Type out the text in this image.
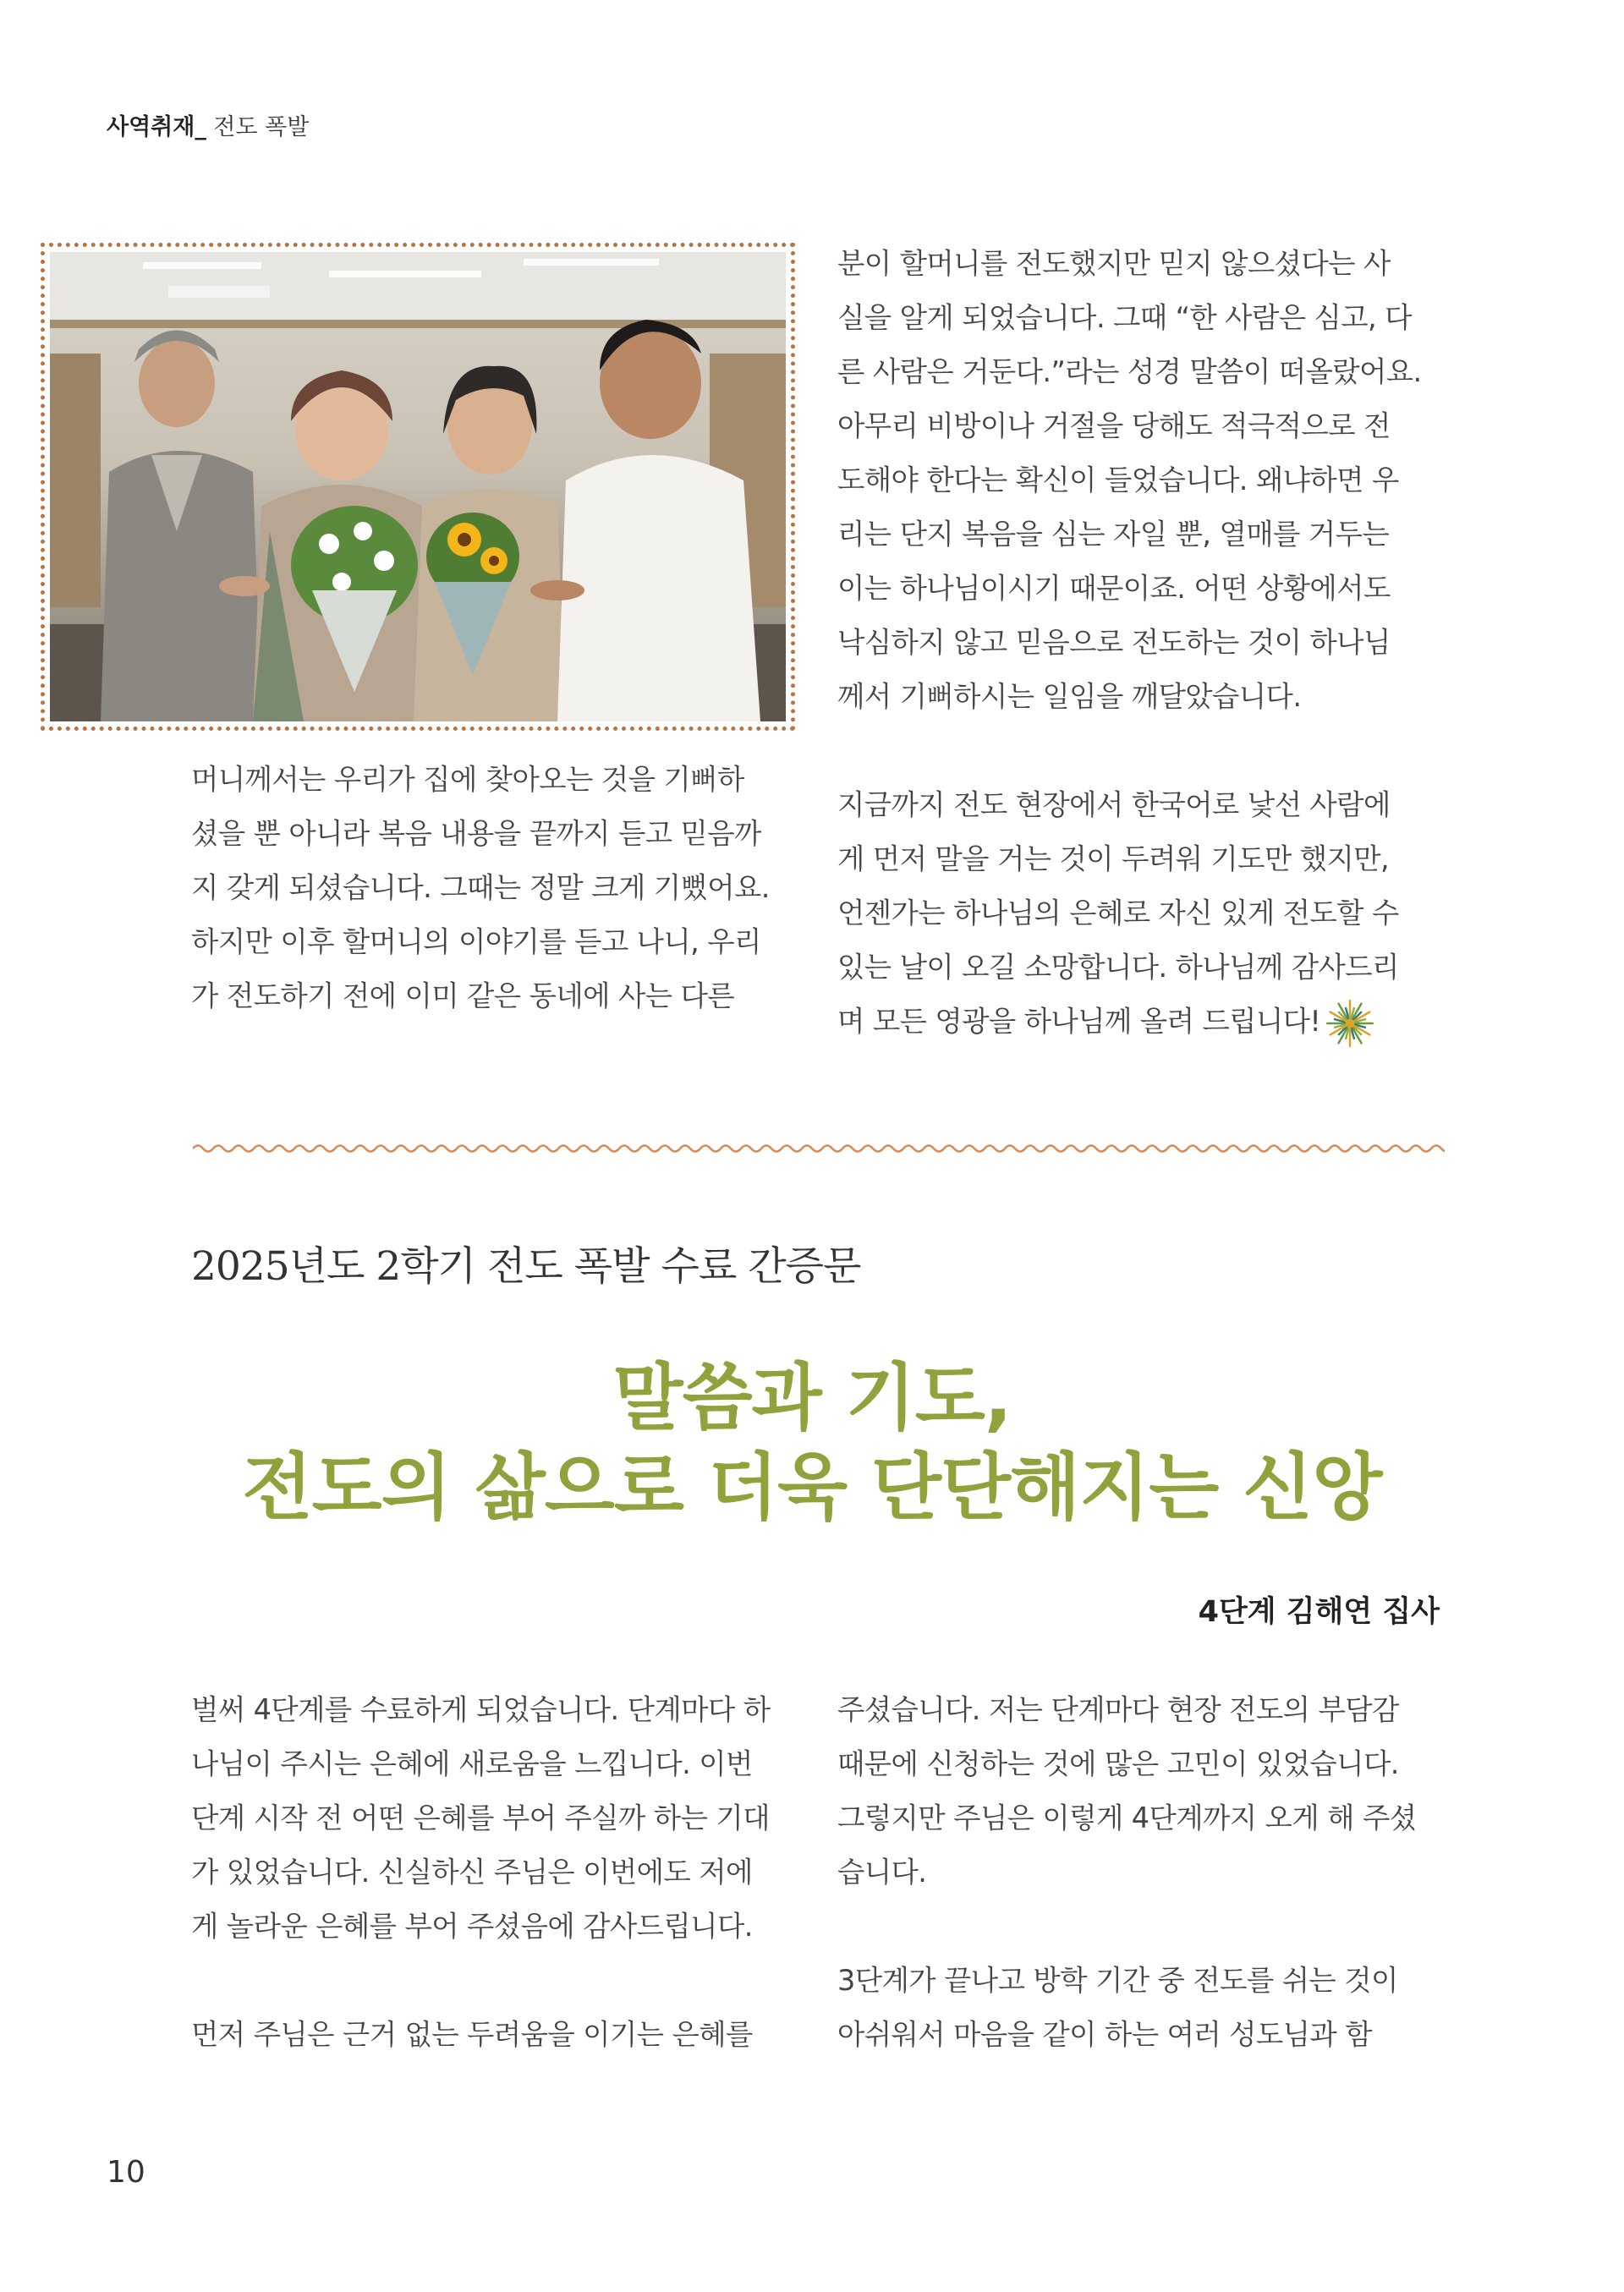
사역취재_ 전도 폭발

머니께서는 우리가 집에 찾아오는 것을 기뻐하

셨을 뿐 아니라 복음 내용을 끝까지 듣고 믿음까

지 갖게 되셨습니다. 그때는 정말 크게 기뻤어요.

하지만 이후 할머니의 이야기를 듣고 나니, 우리

가 전도하기 전에 이미 같은 동네에 사는 다른

분이 할머니를 전도했지만 믿지 않으셨다는 사

실을 알게 되었습니다. 그때 “한 사람은 심고, 다

른 사람은 거둔다.”라는 성경 말씀이 떠올랐어요.

아무리 비방이나 거절을 당해도 적극적으로 전

도해야 한다는 확신이 들었습니다. 왜냐하면 우

리는 단지 복음을 심는 자일 뿐, 열매를 거두는

이는 하나님이시기 때문이죠. 어떤 상황에서도

낙심하지 않고 믿음으로 전도하는 것이 하나님

께서 기뻐하시는 일임을 깨달았습니다.

지금까지 전도 현장에서 한국어로 낯선 사람에

게 먼저 말을 거는 것이 두려워 기도만 했지만,

언젠가는 하나님의 은혜로 자신 있게 전도할 수

있는 날이 오길 소망합니다. 하나님께 감사드리

며 모든 영광을 하나님께 올려 드립니다!

2025년도 2학기 전도 폭발 수료 간증문
말씀과 기도,
전도의 삶으로 더욱 단단해지는 신앙
4단계 김해연 집사

벌써 4단계를 수료하게 되었습니다. 단계마다 하

나님이 주시는 은혜에 새로움을 느낍니다. 이번

단계 시작 전 어떤 은혜를 부어 주실까 하는 기대

가 있었습니다. 신실하신 주님은 이번에도 저에

게 놀라운 은혜를 부어 주셨음에 감사드립니다.

먼저 주님은 근거 없는 두려움을 이기는 은혜를

주셨습니다. 저는 단계마다 현장 전도의 부담감

때문에 신청하는 것에 많은 고민이 있었습니다.

그렇지만 주님은 이렇게 4단계까지 오게 해 주셨

습니다.

3단계가 끝나고 방학 기간 중 전도를 쉬는 것이

아쉬워서 마음을 같이 하는 여러 성도님과 함

10
